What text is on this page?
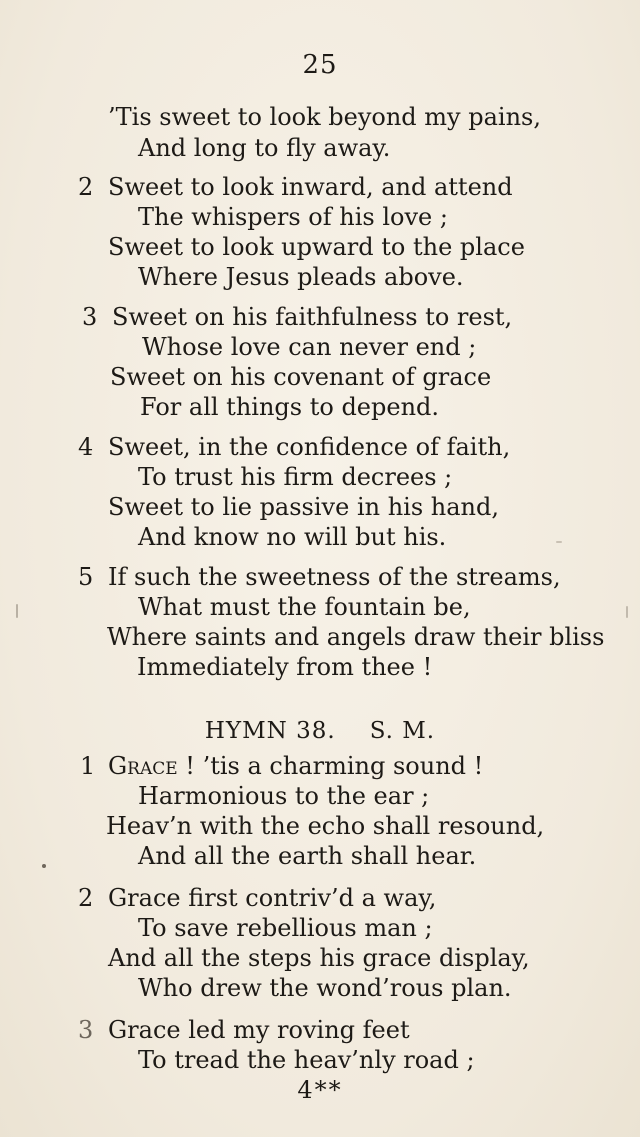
25
’Tis sweet to look beyond my pains,
And long to fly away.
2 Sweet to look inward, and attend
The whispers of his love ;
Sweet to look upward to the place
Where Jesus pleads above.
3 Sweet on his faithfulness to rest,
Whose love can never end ;
Sweet on his covenant of grace
For all things to depend.
4 Sweet, in the confidence of faith,
To trust his firm decrees ;
Sweet to lie passive in his hand,
And know no will but his.
5 If such the sweetness of the streams,
What must the fountain be,
Where saints and angels draw their bliss
Immediately from thee !
HYMN 38. S. M.
1 Grace ! ’tis a charming sound !
Harmonious to the ear ;
Heav’n with the echo shall resound,
And all the earth shall hear.
2 Grace first contriv’d a way,
To save rebellious man ;
And all the steps his grace display,
Who drew the wond’rous plan.
3 Grace led my roving feet
To tread the heav’nly road ;
4**
